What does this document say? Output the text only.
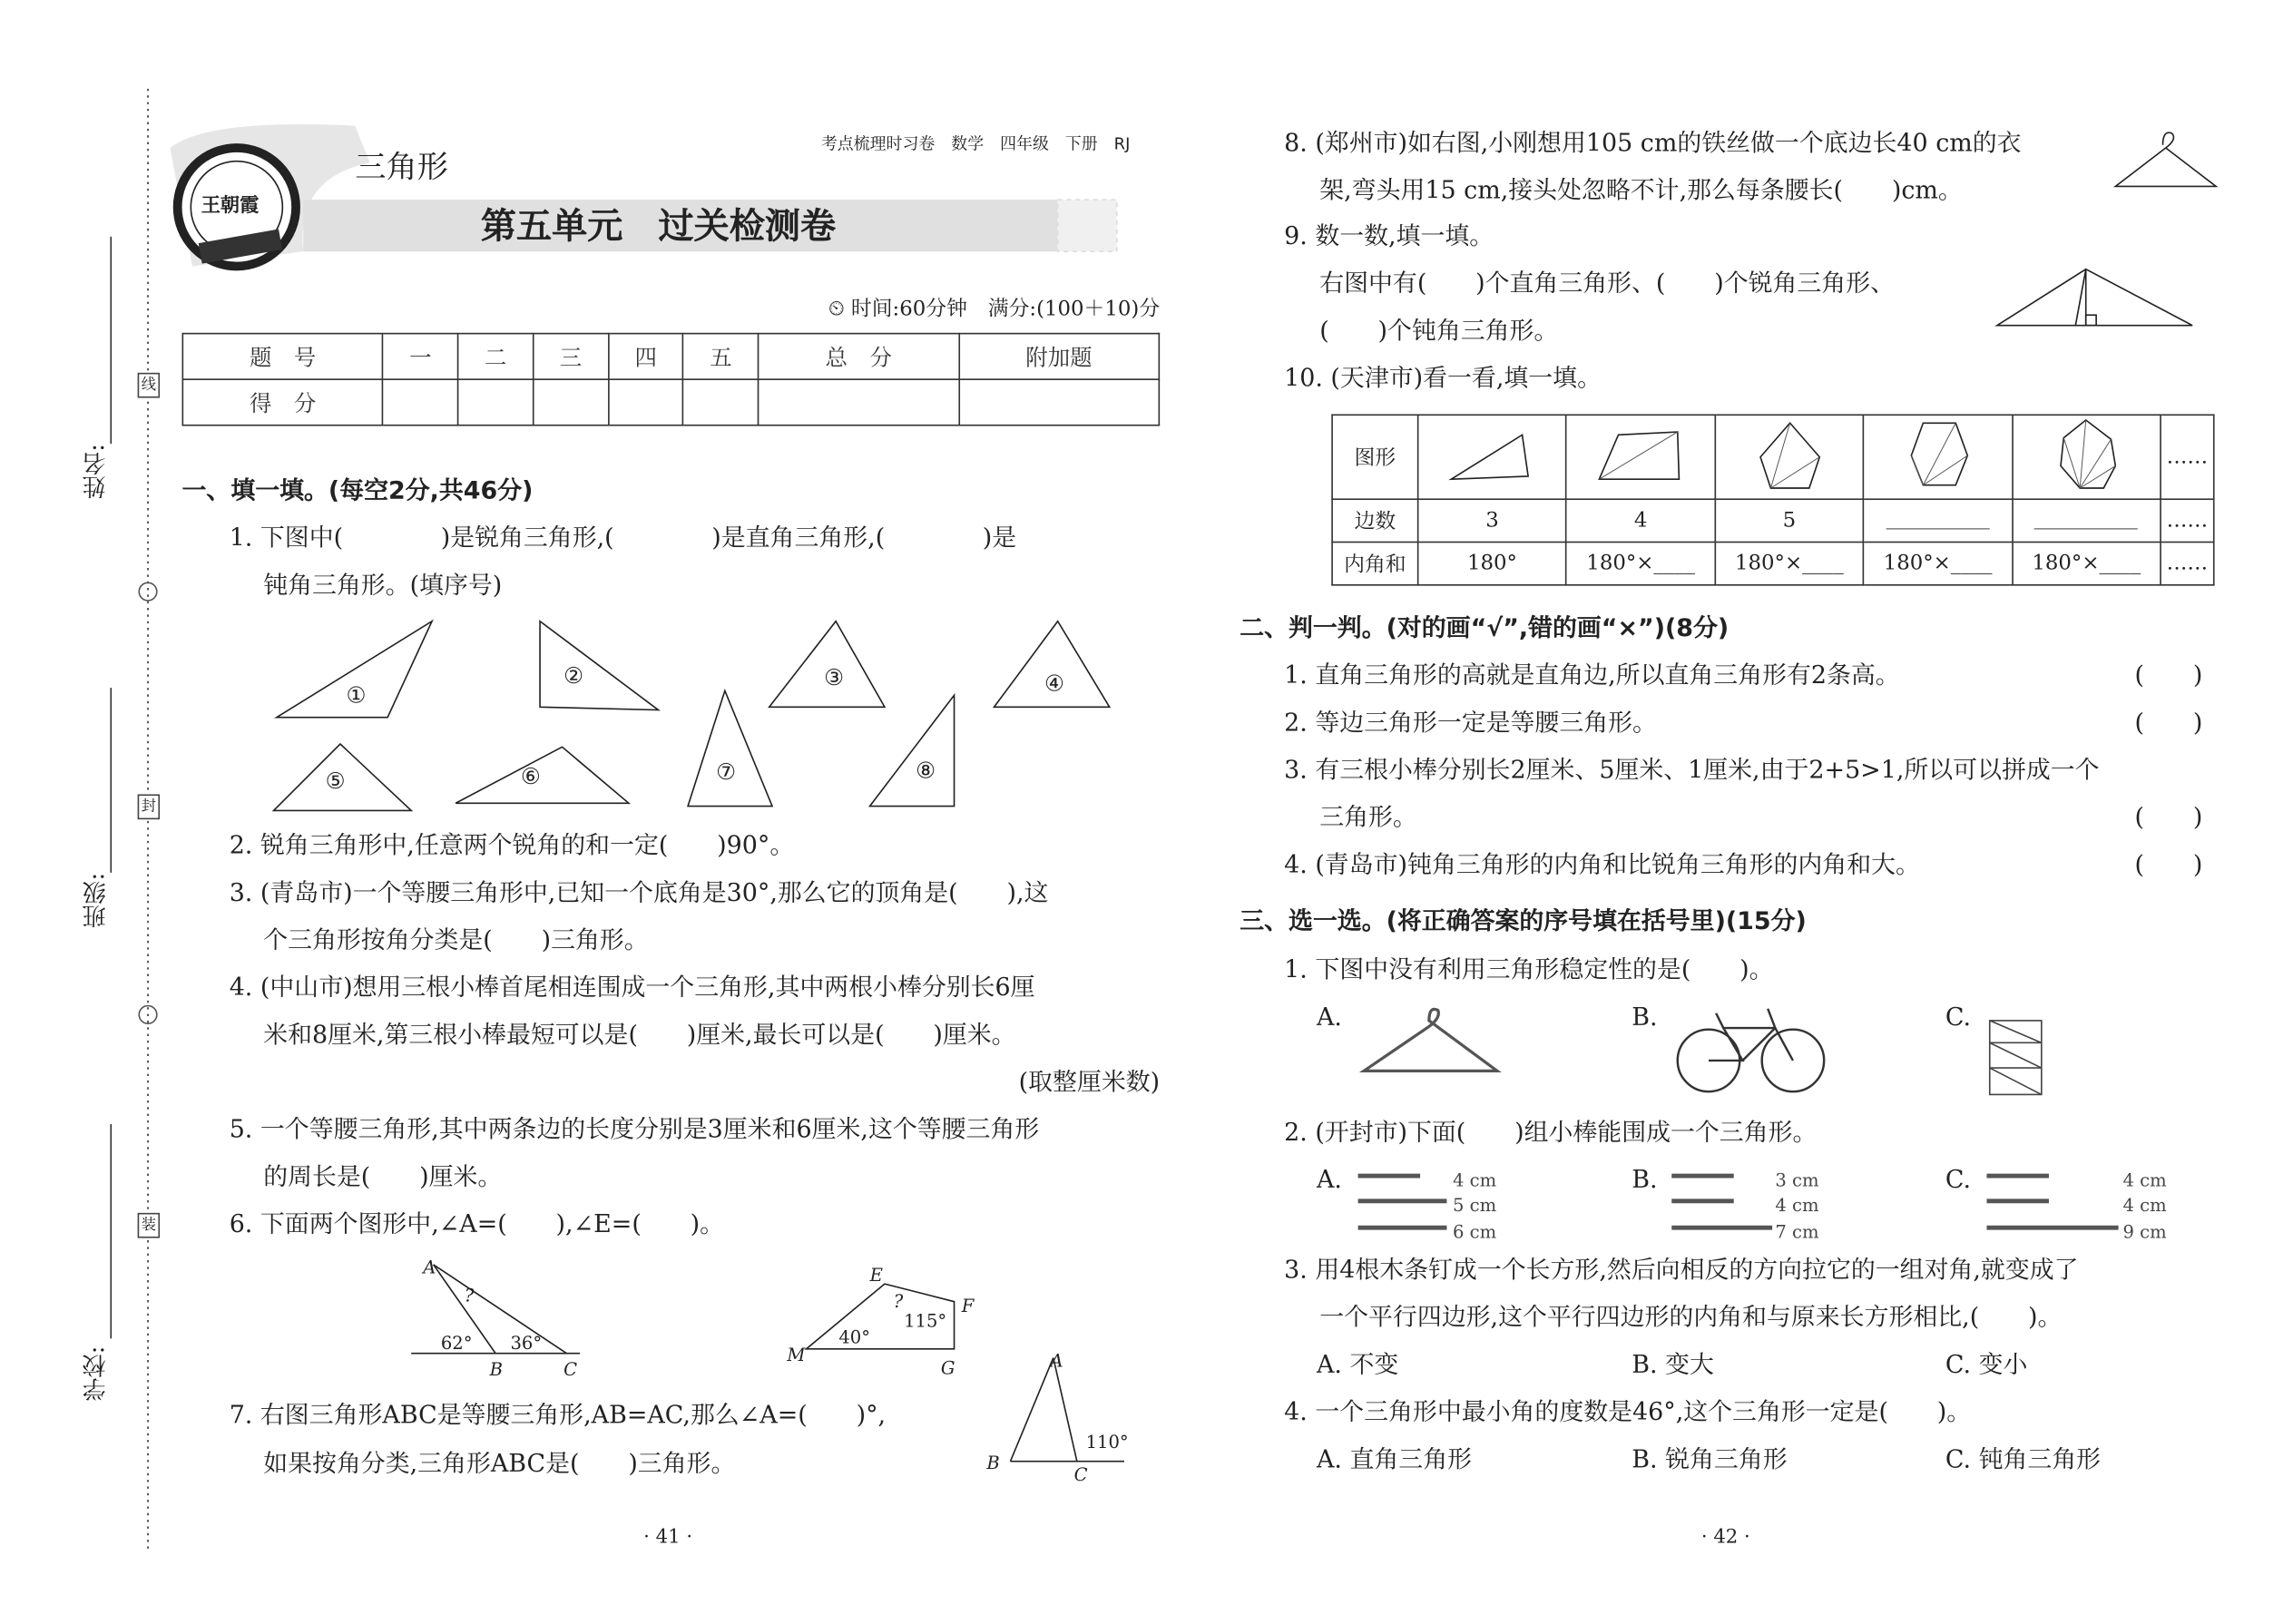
①
②	③	④
⑤	⑥	⑦	⑧
A
?
62°	36°
B	C
E
F
?
115°
40°
M
G	A
B
C
110°
姓名:
班级:
学校:
线
封
装
王朝霞
考点梳理时习卷　 数学　 四年级　 下册　 RJ
三角形
第五单元　过关检测卷
⏲ 时间:60分钟　满分:(100＋10)分
题　号	一	二	三	四	五	总　分	附加题
得　分							
一、填一填。(每空2分,共46分)
1. 下图中(　　　　)是锐角三角形,(　　　　)是直角三角形,(　　　　)是
钝角三角形。(填序号)
2. 锐角三角形中,任意两个锐角的和一定(　　)90°。
3. (青岛市)一个等腰三角形中,已知一个底角是30°,那么它的顶角是(　　),这
个三角形按角分类是(　　)三角形。
4. (中山市)想用三根小棒首尾相连围成一个三角形,其中两根小棒分别长6厘
米和8厘米,第三根小棒最短可以是(　　)厘米,最长可以是(　　)厘米。
(取整厘米数)
5. 一个等腰三角形,其中两条边的长度分别是3厘米和6厘米,这个等腰三角形
的周长是(　　)厘米。
6. 下面两个图形中,∠A=(　　),∠E=(　　)。
7. 右图三角形ABC是等腰三角形,AB=AC,那么∠A=(　　)°,
如果按角分类,三角形ABC是(　　)三角形。
· 41 ·
8. (郑州市)如右图,小刚想用105 cm的铁丝做一个底边长40 cm的衣
架,弯头用15 cm,接头处忽略不计,那么每条腰长(　　)cm。
9. 数一数,填一填。
右图中有(　　)个直角三角形、(　　)个锐角三角形、
(　　)个钝角三角形。
10. (天津市)看一看,填一填。
图形						……
边数	3	4	5			……
内角和	180°	180°×____	180°×____	180°×____	180°×____	……
二、判一判。(对的画“√”,错的画“×”)(8分)
1. 直角三角形的高就是直角边,所以直角三角形有2条高。	(　　)
2. 等边三角形一定是等腰三角形。	(　　)
3. 有三根小棒分别长2厘米、5厘米、1厘米,由于2+5>1,所以可以拼成一个
三角形。	(　　)
4. (青岛市)钝角三角形的内角和比锐角三角形的内角和大。	(　　)
三、选一选。(将正确答案的序号填在括号里)(15分)
1. 下图中没有利用三角形稳定性的是(　　)。
A.	B.	C.
2. (开封市)下面(　　)组小棒能围成一个三角形。
A.	4 cm
5 cm
6 cm
B.	3 cm
4 cm
7 cm
C.	4 cm
4 cm
9 cm
3. 用4根木条钉成一个长方形,然后向相反的方向拉它的一组对角,就变成了
一个平行四边形,这个平行四边形的内角和与原来长方形相比,(　　)。
A. 不变	B. 变大	C. 变小
4. 一个三角形中最小角的度数是46°,这个三角形一定是(　　)。
A. 直角三角形	B. 锐角三角形	C. 钝角三角形
· 42 ·
